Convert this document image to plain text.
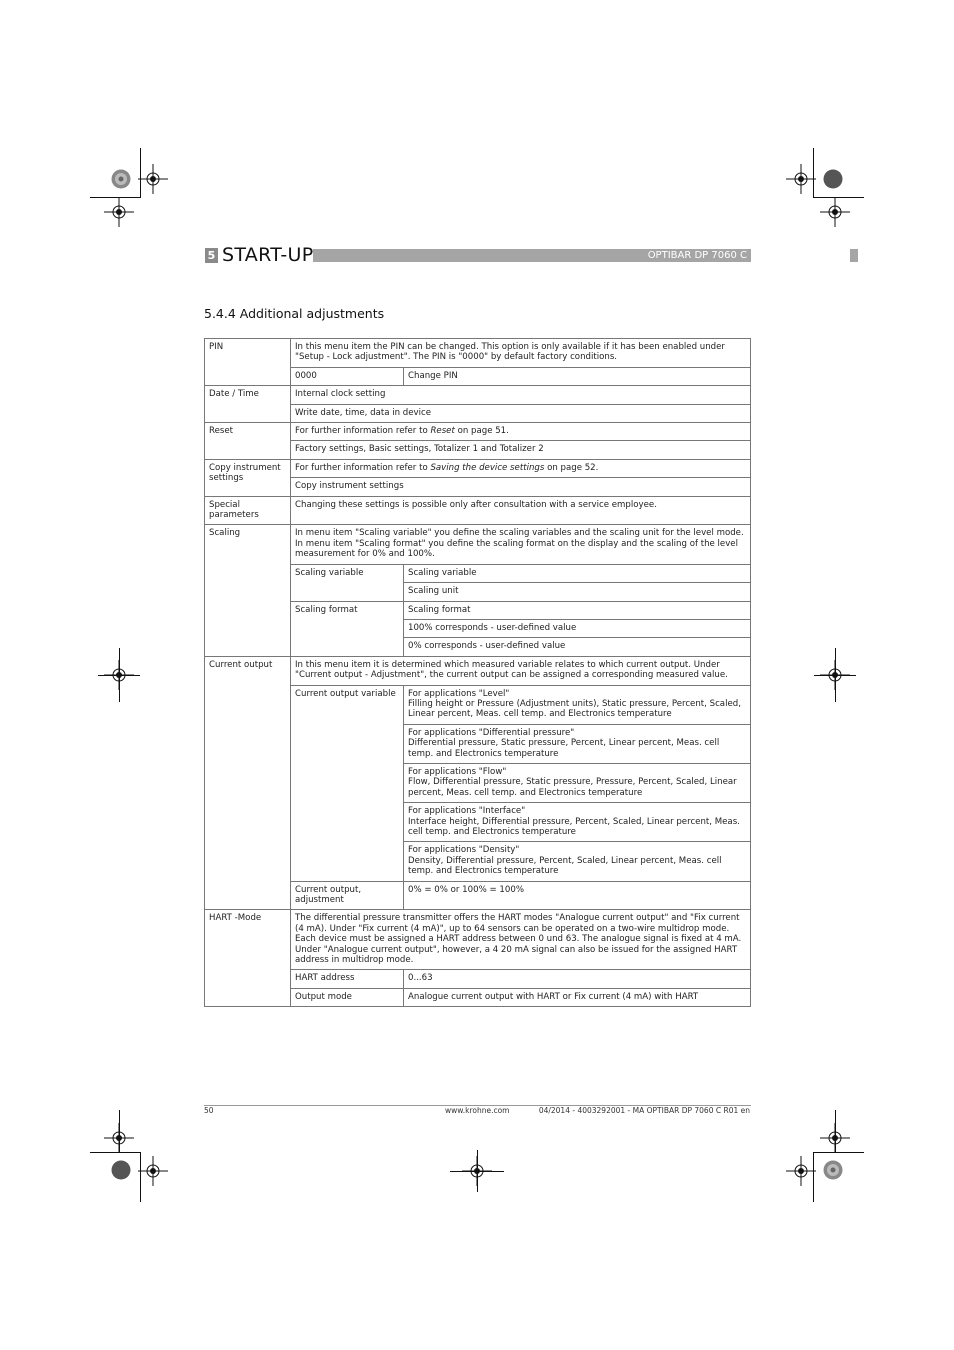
5 START-UP	OPTIBAR DP 7060 C
5.4.4 Additional adjustments
PIN	In this menu item the PIN can be changed. This option is only available if it has been enabled under "Setup - Lock adjustment". The PIN is "0000" by default factory conditions.	
	0000	Change PIN
Date / Time	Internal clock setting	
	Write date, time, data in device	
Reset	For further information refer to Reset on page 51.	
	Factory settings, Basic settings, Totalizer 1 and Totalizer 2	
Copy instrument settings	For further information refer to Saving the device settings on page 52.	
	Copy instrument settings	
Special parameters	Changing these settings is possible only after consultation with a service employee.	
Scaling	In menu item "Scaling variable" you define the scaling variables and the scaling unit for the level mode.
In menu item "Scaling format" you define the scaling format on the display and the scaling of the level measurement for 0% and 100%.	

	Scaling variable	Scaling variable
		Scaling unit
	Scaling format	Scaling format
		100% corresponds - user-defined value
		0% corresponds - user-defined value
Current output	In this menu item it is determined which measured variable relates to which current output. Under "Current output - Adjustment", the current output can be assigned a corresponding measured value.	
	Current output variable	For applications "Level"
Filling height or Pressure (Adjustment units), Static pressure, Percent, Scaled, Linear percent, Meas. cell temp. and Electronics temperature

		For applications "Differential pressure"
Differential pressure, Static pressure, Percent, Linear percent, Meas. cell temp. and Electronics temperature

		For applications "Flow"
Flow, Differential pressure, Static pressure, Pressure, Percent, Scaled, Linear percent, Meas. cell temp. and Electronics temperature

		For applications "Interface"
Interface height, Differential pressure, Percent, Scaled, Linear percent, Meas. cell temp. and Electronics temperature

		For applications "Density"
Density, Differential pressure, Percent, Scaled, Linear percent, Meas. cell temp. and Electronics temperature

	Current output, adjustment	0% = 0% or 100% = 100%
HART -Mode	The differential pressure transmitter offers the HART modes "Analogue current output" and "Fix current (4 mA). Under "Fix current (4 mA)", up to 64 sensors can be operated on a two-wire multidrop mode. Each device must be assigned a HART address between 0 und 63. The analogue signal is fixed at 4 mA. Under "Analogue current output", however, a 4 20 mA signal can also be issued for the assigned HART address in multidrop mode.	
	HART address	0...63
	Output mode	Analogue current output with HART or Fix current (4 mA) with HART
50	www.krohne.com	04/2014 - 4003292001 - MA OPTIBAR DP 7060 C R01 en
